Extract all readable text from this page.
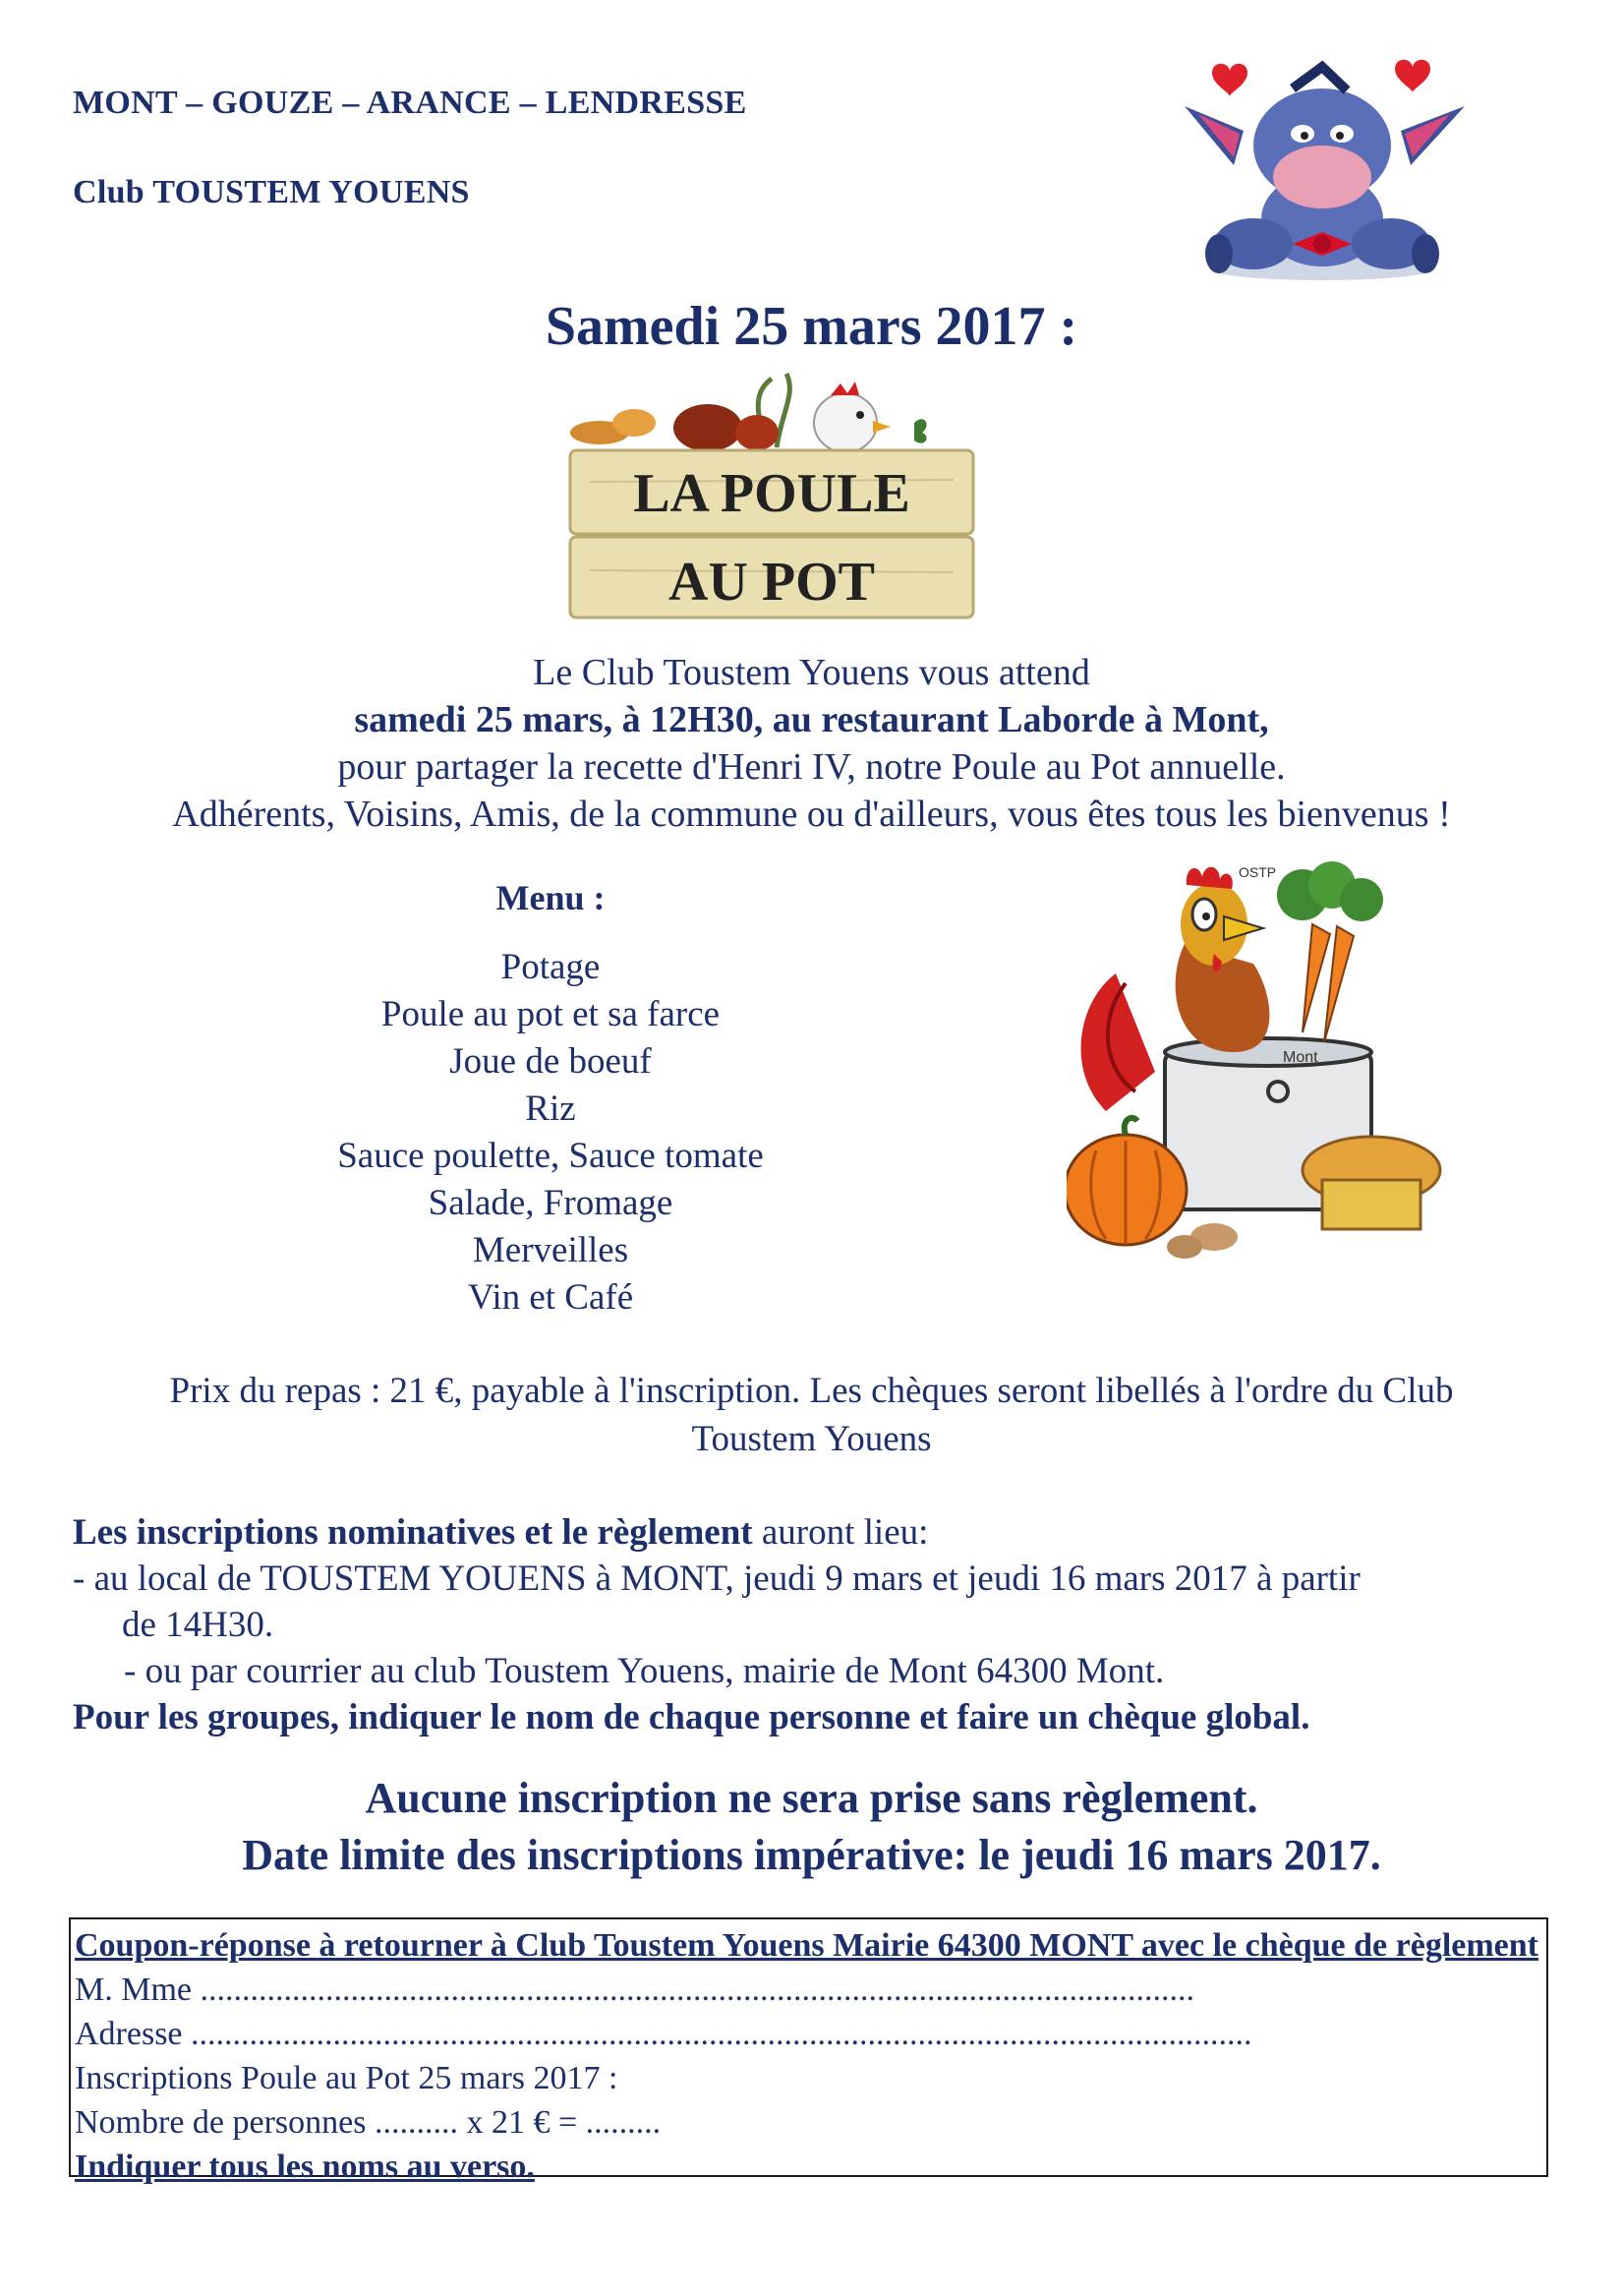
MONT – GOUZE – ARANCE – LENDRESSE
Club TOUSTEM YOUENS
Samedi 25 mars 2017 :
LA POULE
AU POT
Le Club Toustem Youens vous attend
samedi 25 mars, à 12H30, au restaurant Laborde à Mont,
pour partager la recette d'Henri IV, notre Poule au Pot annuelle.
Adhérents, Voisins, Amis, de la commune ou d'ailleurs, vous êtes tous les bienvenus !
Menu :
Potage
Poule au pot et sa farce
Joue de boeuf
Riz
Sauce poulette, Sauce tomate
Salade, Fromage
Merveilles
Vin et Café
Mont
OSTP
Prix du repas : 21 €, payable à l'inscription. Les chèques seront libellés à l'ordre du Club
Toustem Youens
Les inscriptions nominatives et le règlement auront lieu:
- au local de TOUSTEM YOUENS à MONT, jeudi 9 mars et jeudi 16 mars 2017 à partir
de 14H30.
- ou par courrier au club Toustem Youens, mairie de Mont 64300 Mont.
Pour les groupes, indiquer le nom de chaque personne et faire un chèque global.
Aucune inscription ne sera prise sans règlement.
Date limite des inscriptions impérative: le jeudi 16 mars 2017.
Coupon-réponse à retourner à Club Toustem Youens Mairie 64300 MONT avec le chèque de règlement
M. Mme .......................................................................................................................
Adresse ...............................................................................................................................
Inscriptions Poule au Pot 25 mars 2017 :
Nombre de personnes .......... x 21 € = .........
Indiquer tous les noms au verso.
